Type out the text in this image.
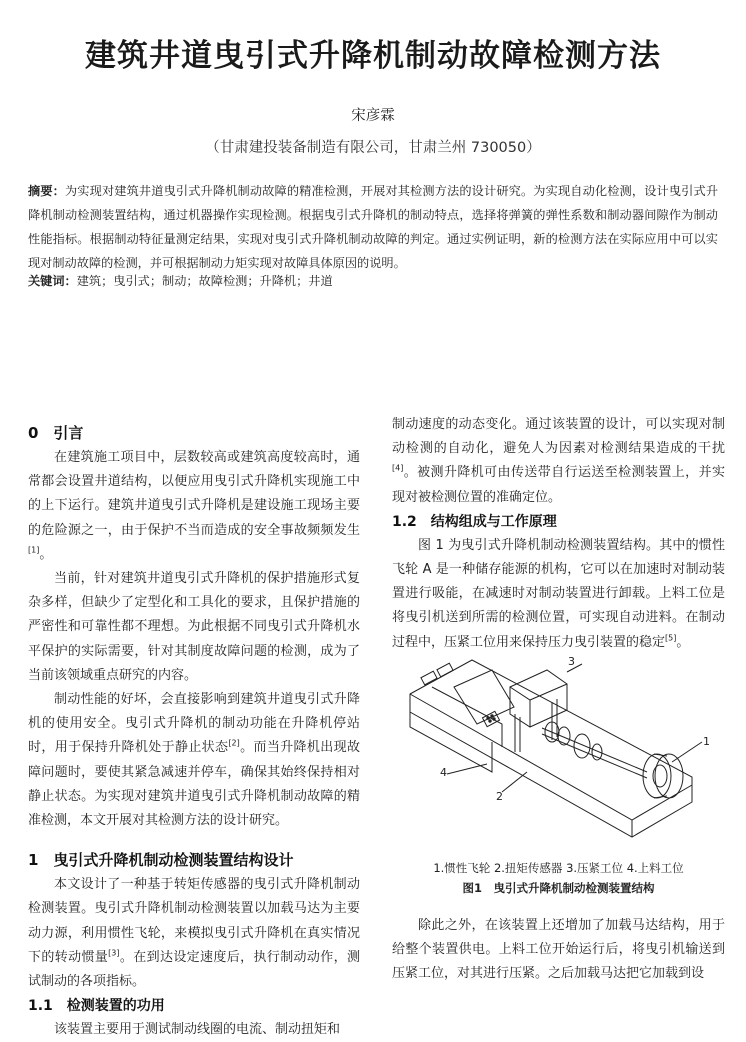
建筑井道曳引式升降机制动故障检测方法
宋彦霖
（甘肃建投装备制造有限公司，甘肃兰州 730050）
摘要：为实现对建筑井道曳引式升降机制动故障的精准检测，开展对其检测方法的设计研究。为实现自动化检测，设计曳引式升降机制动检测装置结构，通过机器操作实现检测。根据曳引式升降机的制动特点，选择将弹簧的弹性系数和制动器间隙作为制动性能指标。根据制动特征量测定结果，实现对曳引式升降机制动故障的判定。通过实例证明，新的检测方法在实际应用中可以实现对制动故障的检测，并可根据制动力矩实现对故障具体原因的说明。
关键词：建筑；曳引式；制动；故障检测；升降机；井道
0　引言

在建筑施工项目中，层数较高或建筑高度较高时，通常都会设置井道结构，以便应用曳引式升降机实现施工中的上下运行。建筑井道曳引式升降机是建设施工现场主要的危险源之一，由于保护不当而造成的安全事故频频发生[1]。

当前，针对建筑井道曳引式升降机的保护措施形式复杂多样，但缺少了定型化和工具化的要求，且保护措施的严密性和可靠性都不理想。为此根据不同曳引式升降机水平保护的实际需要，针对其制度故障问题的检测，成为了当前该领域重点研究的内容。

制动性能的好坏，会直接影响到建筑井道曳引式升降机的使用安全。曳引式升降机的制动功能在升降机停站时，用于保持升降机处于静止状态[2]。而当升降机出现故障问题时，要使其紧急减速并停车，确保其始终保持相对静止状态。为实现对建筑井道曳引式升降机制动故障的精准检测，本文开展对其检测方法的设计研究。

1　曳引式升降机制动检测装置结构设计

本文设计了一种基于转矩传感器的曳引式升降机制动检测装置。曳引式升降机制动检测装置以加载马达为主要动力源，利用惯性飞轮，来模拟曳引式升降机在真实情况下的转动惯量[3]。在到达设定速度后，执行制动动作，测试制动的各项指标。

1.1　检测装置的功用

该装置主要用于测试制动线圈的电流、制动扭矩和

制动速度的动态变化。通过该装置的设计，可以实现对制动检测的自动化，避免人为因素对检测结果造成的干扰[4]。被测升降机可由传送带自行运送至检测装置上，并实现对被检测位置的准确定位。

1.2　结构组成与工作原理

图 1 为曳引式升降机制动检测装置结构。其中的惯性飞轮 A 是一种储存能源的机构，它可以在加速时对制动装置进行吸能，在减速时对制动装置进行卸载。上料工位是将曳引机送到所需的检测位置，可实现自动进料。在制动过程中，压紧工位用来保持压力曳引装置的稳定[5]。

3
1
4
2
1.惯性飞轮 2.扭矩传感器 3.压紧工位 4.上料工位
图1　曳引式升降机制动检测装置结构

除此之外，在该装置上还增加了加载马达结构，用于给整个装置供电。上料工位开始运行后，将曳引机输送到压紧工位，对其进行压紧。之后加载马达把它加载到设
